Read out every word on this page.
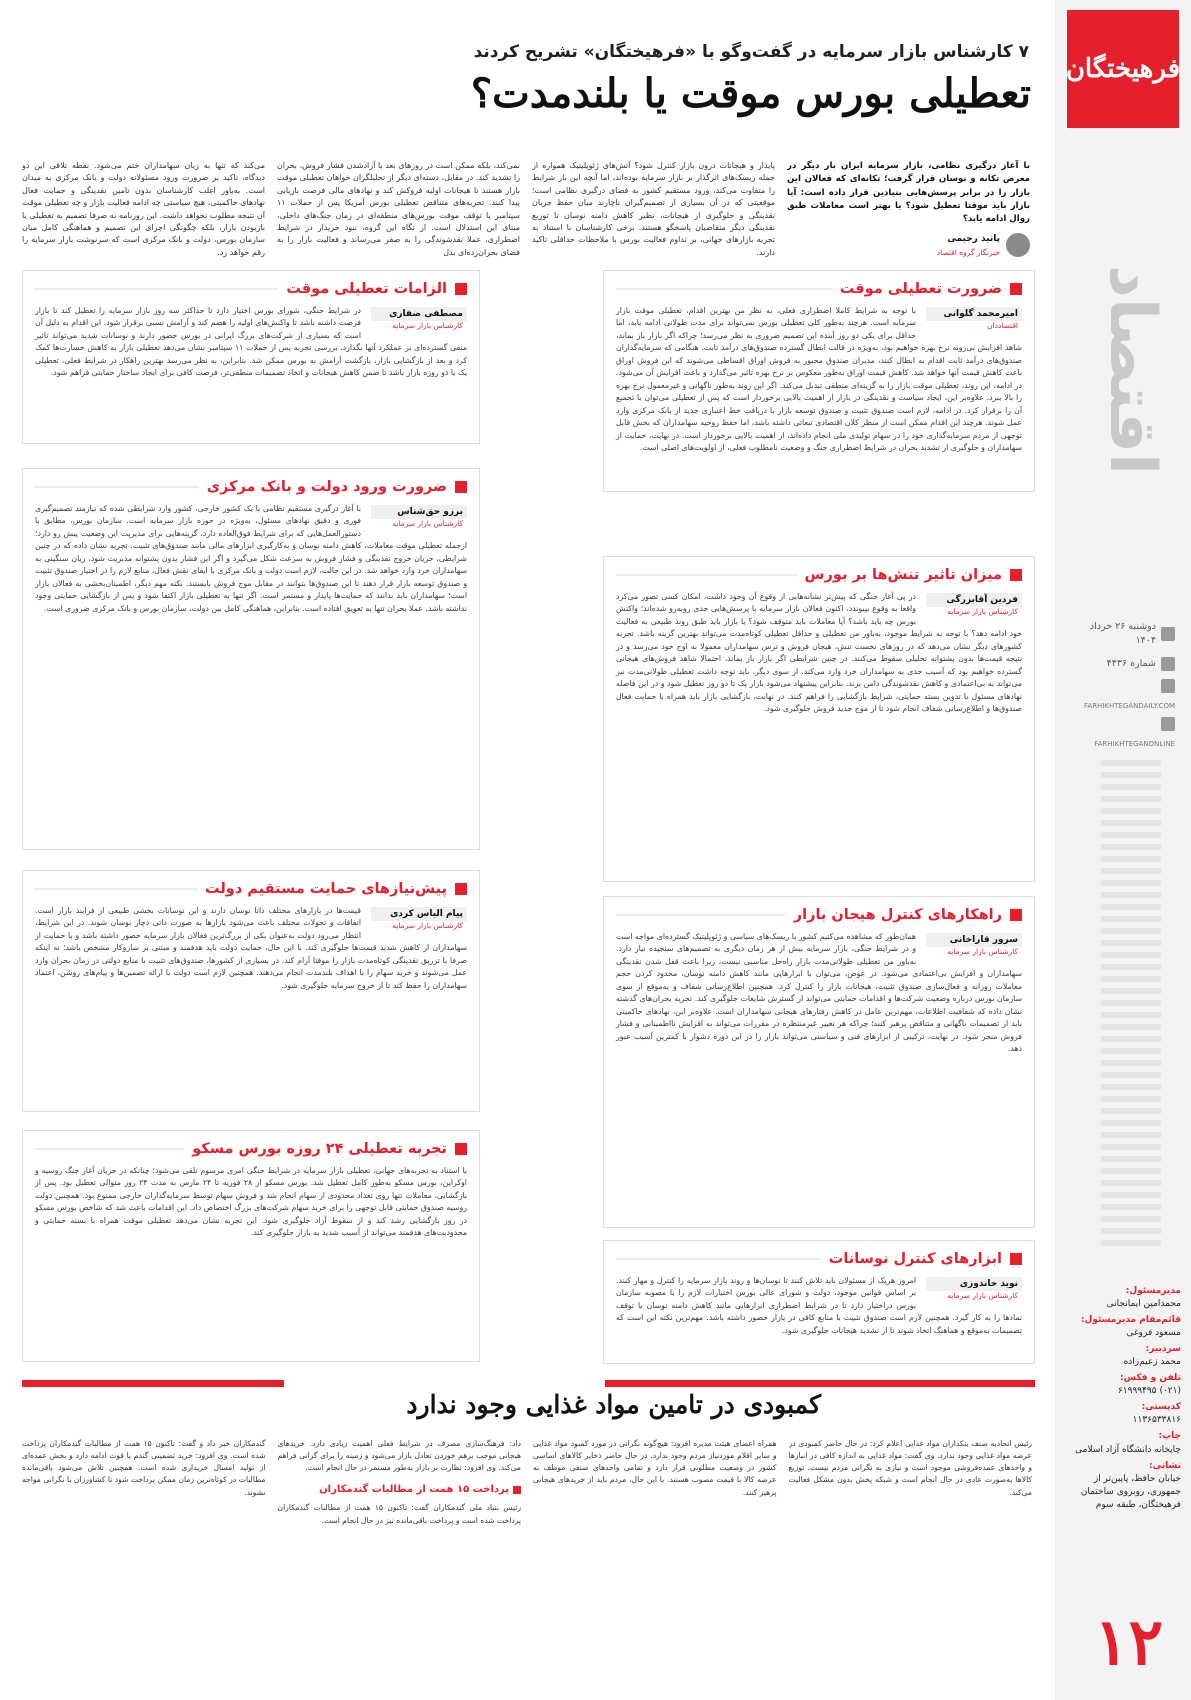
فرهیختگان
اقتصاد
دوشنبه ۲۶ خرداد ۱۴۰۴
شماره ۴۴۳۶
FARHIKHTEGANDAILY.COM
FARHIKHTEGANONLINE
مدیرمسئول:
محمدامین ایمانجانی
قائم‌مقام مدیرمسئول:
مسعود فروغی
سردبیر:
محمد زعیم‌زاده
تلفن و فکس:
(۰۲۱) ۶۱۹۹۹۴۹۵
کدپستی:
۱۱۳۶۵۳۳۸۱۶
چاپ:
چاپخانه دانشگاه آزاد اسلامی
نشانی:
خیابان حافظ، پایین‌تر از جمهوری، روبروی ساختمان فرهیختگان، طبقه سوم
۱۲
۷ کارشناس بازار سرمایه در گفت‌وگو با «فرهیختگان» تشریح کردند
تعطیلی بورس موقت یا بلندمدت؟
با آغاز درگیری نظامی، بازار سرمایه ایران بار دیگر در معرض تکانه و نوسان قرار گرفت؛ تکانه‌ای که فعالان این بازار را در برابر پرسش‌هایی بنیادین قرار داده است: آیا بازار باید موقتا تعطیل شود؟ یا بهتر است معاملات طبق روال ادامه یابد؟
پانیذ رحیمی
خبرنگار گروه اقتصاد
پایدار و هیجانات درون بازار کنترل شود؟ آتش‌های ژئوپلیتیک همواره از جمله ریسک‌های اثرگذار بر بازار سرمایه بوده‌اند، اما آنچه این بار شرایط را متفاوت می‌کند، ورود مستقیم کشور به فضای درگیری نظامی است؛ موقعیتی که در آن بسیاری از تصمیم‌گیران ناچارند میان حفظ جریان نقدینگی و جلوگیری از هیجانات، نظیر کاهش دامنه نوسان تا توزیع نقدینگی دیگر متقاضیان پاسخگو هستند. برخی کارشناسان با استناد به تجربه بازارهای جهانی، بر تداوم فعالیت بورس با ملاحظات حداقلی تاکید دارند.
نمی‌کند، بلکه ممکن است در روزهای بعد با آزادشدن فشار فروش، بحران را تشدید کند. در مقابل، دسته‌ای دیگر از تحلیلگران خواهان تعطیلی موقت بازار هستند تا هیجانات اولیه فروکش کند و نهادهای مالی فرصت بازیابی پیدا کنند. تجربه‌های متناقض تعطیلی بورس آمریکا پس از حملات ۱۱ سپتامبر یا توقف موقت بورس‌های منطقه‌ای در زمان جنگ‌های داخلی، مبنای این استدلال است. از نگاه این گروه، نبود خریدار در شرایط اضطراری، عملا نقدشوندگی را به صفر می‌رساند و فعالیت بازار را به فضای بحران‌زده‌ای بدل
می‌کند که تنها به زیان سهامداران ختم می‌شود. نقطه تلاقی این دو دیدگاه، تاکید بر ضرورت ورود مسئولانه دولت و بانک مرکزی به میدان است. به‌باور اغلب کارشناسان بدون تامین نقدینگی و حمایت فعال نهادهای حاکمیتی، هیچ سیاستی چه ادامه فعالیت بازار و چه تعطیلی موقت آن نتیجه مطلوب نخواهد داشت. این روزنامه نه صرفا تصمیم به تعطیلی یا بازبودن بازار، بلکه چگونگی اجرای این تصمیم و هماهنگی کامل میان سازمان بورس، دولت و بانک مرکزی است که سرنوشت بازار سرمایه را رقم خواهد زد.
ضرورت تعطیلی موقت
امیرمحمد گلوانی
اقتصاددان
با توجه به شرایط کاملا اضطراری فعلی، به نظر من بهترین اقدام، تعطیلی موقت بازار سرمایه است. هرچند به‌طور کلی تعطیلی بورس نمی‌تواند برای مدت طولانی ادامه یابد، اما حداقل برای یکی دو روز آینده این تصمیم ضروری به نظر می‌رسد؛ چراکه اگر بازار باز بماند، شاهد افزایش بی‌رویه نرخ بهره خواهیم بود، به‌ویژه در قالب ابطال گسترده صندوق‌های درآمد ثابت. هنگامی که سرمایه‌گذاران صندوق‌های درآمد ثابت اقدام به ابطال کنند، مدیران صندوق مجبور به فروش اوراق اقساطی می‌شوند که این فروش اوراق باعث کاهش قیمت آنها خواهد شد. کاهش قیمت اوراق به‌طور معکوس بر نرخ بهره تاثیر می‌گذارد و باعث افزایش آن می‌شود. در ادامه، این روند، تعطیلی موقت بازار را به گزینه‌ای منطقی تبدیل می‌کند. اگر این روند به‌طور ناگهانی و غیرمعمول نرخ بهره را بالا ببرد، علاوه‌بر این، ایجاد سیاست و نقدینگی در بازار از اهمیت بالایی برخوردار است که پس از تعطیلی می‌توان با تجمیع آن را برقرار کرد. در ادامه، لازم است صندوق تثبیت و صندوق توسعه بازار با دریافت خط اعتباری جدید از بانک مرکزی وارد عمل شوند. هرچند این اقدام ممکن است از منظر کلان اقتصادی تبعاتی داشته باشد، اما حفظ روحیه سهامداران که بخش قابل توجهی از مردم سرمایه‌گذاری خود را در سهام تولیدی ملی انجام داده‌اند، از اهمیت بالایی برخوردار است. در نهایت، حمایت از سهامداران و جلوگیری از تشدید بحران در شرایط اضطراری جنگ و وضعیت نامطلوب فعلی، از اولویت‌های اصلی است.
الزامات تعطیلی موقت
مصطفی صفاری
کارشناس بازار سرمایه
در شرایط جنگی، شورای بورس اختیار دارد تا حداکثر سه روز بازار سرمایه را تعطیل کند تا بازار فرصت داشته باشد تا واکنش‌های اولیه را هضم کند و آرامش نسبی برقرار شود. این اقدام به دلیل آن است که بسیاری از شرکت‌های بزرگ ایرانی در بورس حضور دارند و نوسانات شدید می‌تواند تاثیر منفی گسترده‌ای بر عملکرد آنها بگذارد. بررسی تجربه پس از حملات ۱۱ سپتامبر نشان می‌دهد تعطیلی بازار به کاهش خسارت‌ها کمک کرد و بعد از بازگشایی بازار، بازگشت آرامش به بورس ممکن شد. بنابراین، به نظر می‌رسد بهترین راهکار در شرایط فعلی، تعطیلی یک یا دو روزه بازار باشد تا ضمن کاهش هیجانات و اتخاذ تصمیمات منطقی‌تر، فرصت کافی برای ایجاد ساختار حمایتی فراهم شود.
ضرورت ورود دولت و بانک مرکزی
برزو حق‌شناس
کارشناس بازار سرمایه
با آغاز درگیری مستقیم نظامی با یک کشور خارجی، کشور وارد شرایطی شده که نیازمند تصمیم‌گیری فوری و دقیق نهادهای مسئول، به‌ویژه در حوزه بازار سرمایه است. سازمان بورس، مطابق با دستورالعمل‌هایی که برای شرایط فوق‌العاده دارد، گزینه‌هایی برای مدیریت این وضعیت پیش رو دارد؛ ازجمله تعطیلی موقت معاملات، کاهش دامنه نوسان و به‌کارگیری ابزارهای مالی مانند صندوق‌های تثبیت. تجربه نشان داده که در چنین شرایطی، جریان خروج نقدینگی و فشار فروش به سرعت شکل می‌گیرد و اگر این فشار بدون پشتوانه مدیریت شود، زیان سنگینی به سهامداران خرد وارد خواهد شد. در این حالت، لازم است دولت و بانک مرکزی با ایفای نقش فعال، منابع لازم را در اختیار صندوق تثبیت و صندوق توسعه بازار قرار دهند تا این صندوق‌ها بتوانند در مقابل موج فروش بایستند. نکته مهم دیگر، اطمینان‌بخشی به فعالان بازار است؛ سهامداران باید بدانند که حمایت‌ها پایدار و مستمر است. اگر تنها به تعطیلی بازار اکتفا شود و پس از بازگشایی حمایتی وجود نداشته باشد، عملا بحران تنها به تعویق افتاده است. بنابراین، هماهنگی کامل بین دولت، سازمان بورس و بانک مرکزی ضروری است.
میزان تاثیر تنش‌ها بر بورس
فردین آقابزرگی
کارشناس بازار سرمایه
در پی آغاز جنگی که پیش‌تر نشانه‌هایی از وقوع آن وجود داشت، امکان کسی تصور می‌کرد واقعا به وقوع بپیوندد، اکنون فعالان بازار سرمایه با پرسش‌هایی جدی روبه‌رو شده‌اند؛ واکنش بورس چه باید باشد؟ آیا معاملات باید متوقف شود؟ یا بازار باید طبق روند طبیعی به فعالیت خود ادامه دهد؟ با توجه به شرایط موجود، به‌باور من تعطیلی و حداقل تعطیلی کوتاه‌مدت می‌تواند بهترین گزینه باشد. تجربه کشورهای دیگر نشان می‌دهد که در روزهای نخست تنش، هیجان فروش و ترس سهامداران معمولا به اوج خود می‌رسد و در نتیجه قیمت‌ها بدون پشتوانه تحلیلی سقوط می‌کنند. در چنین شرایطی اگر بازار باز بماند، احتمالا شاهد فروش‌های هیجانی گسترده خواهیم بود که آسیب جدی به سهامداران خرد وارد می‌کند. از سوی دیگر، باید توجه داشت تعطیلی طولانی‌مدت نیز می‌تواند به بی‌اعتمادی و کاهش نقدشوندگی دامن بزند. بنابراین پیشنهاد می‌شود بازار یک تا دو روز تعطیل شود و در این فاصله نهادهای مسئول با تدوین بسته حمایتی، شرایط بازگشایی را فراهم کنند. در نهایت، بازگشایی بازار باید همراه با حمایت فعال صندوق‌ها و اطلاع‌رسانی شفاف انجام شود تا از موج جدید فروش جلوگیری شود.
پیش‌نیازهای حمایت مستقیم دولت
پیام الیاس کردی
کارشناس بازار سرمایه
قیمت‌ها در بازارهای مختلف ذاتا نوسان دارند و این نوسانات بخشی طبیعی از فرایند بازار است. اتفاقات و تحولات مختلف باعث می‌شود بازارها به صورت ذاتی دچار نوسان شوند. در این شرایط، انتظار می‌رود دولت به‌عنوان یکی از بزرگ‌ترین فعالان بازار سرمایه حضور داشته باشد و با حمایت از سهامداران از کاهش شدید قیمت‌ها جلوگیری کند. با این حال، حمایت دولت باید هدفمند و مبتنی بر سازوکار مشخص باشد؛ نه اینکه صرفا با تزریق نقدینگی کوتاه‌مدت بازار را موقتا آرام کند. در بسیاری از کشورها، صندوق‌های تثبیت با منابع دولتی در زمان بحران وارد عمل می‌شوند و خرید سهام را با اهداف بلندمدت انجام می‌دهند. همچنین لازم است دولت با ارائه تضمین‌ها و پیام‌های روشن، اعتماد سهامداران را حفظ کند تا از خروج سرمایه جلوگیری شود.
راهکارهای کنترل هیجان بازار
سرور قاراخانی
کارشناس بازار سرمایه
همان‌طور که مشاهده می‌کنیم کشور با ریسک‌های سیاسی و ژئوپلیتیک گسترده‌ای مواجه است و در شرایط جنگی، بازار سرمایه بیش از هر زمان دیگری به تصمیم‌های سنجیده نیاز دارد. به‌باور من تعطیلی طولانی‌مدت بازار راه‌حل مناسبی نیست، زیرا باعث قفل شدن نقدینگی سهامداران و افزایش بی‌اعتمادی می‌شود. در عوض، می‌توان با ابزارهایی مانند کاهش دامنه نوسان، محدود کردن حجم معاملات روزانه و فعال‌سازی صندوق تثبیت، هیجانات بازار را کنترل کرد. همچنین اطلاع‌رسانی شفاف و به‌موقع از سوی سازمان بورس درباره وضعیت شرکت‌ها و اقدامات حمایتی می‌تواند از گسترش شایعات جلوگیری کند. تجربه بحران‌های گذشته نشان داده که شفافیت اطلاعات، مهم‌ترین عامل در کاهش رفتارهای هیجانی سهامداران است. علاوه‌بر این، نهادهای حاکمیتی باید از تصمیمات ناگهانی و متناقض پرهیز کنند؛ چراکه هر تغییر غیرمنتظره در مقررات می‌تواند به افزایش نااطمینانی و فشار فروش منجر شود. در نهایت، ترکیبی از ابزارهای فنی و سیاستی می‌تواند بازار را در این دوره دشوار با کمترین آسیب عبور دهد.
تجربه تعطیلی ۲۴ روزه بورس مسکو
با استناد به تجربه‌های جهانی، تعطیلی بازار سرمایه در شرایط جنگی امری مرسوم تلقی می‌شود؛ چنانکه در جریان آغاز جنگ روسیه و اوکراین، بورس مسکو به‌طور کامل تعطیل شد. بورس مسکو از ۲۸ فوریه تا ۲۴ مارس به مدت ۲۴ روز متوالی تعطیل بود. پس از بازگشایی، معاملات تنها روی تعداد محدودی از سهام انجام شد و فروش سهام توسط سرمایه‌گذاران خارجی ممنوع بود. همچنین دولت روسیه صندوق حمایتی قابل توجهی را برای خرید سهام شرکت‌های بزرگ اختصاص داد. این اقدامات باعث شد که شاخص بورس مسکو در روز بازگشایی رشد کند و از سقوط آزاد جلوگیری شود. این تجربه نشان می‌دهد تعطیلی موقت همراه با بسته حمایتی و محدودیت‌های هدفمند می‌تواند از آسیب شدید به بازار جلوگیری کند.
ابزارهای کنترل نوسانات
نوید خاندوزی
کارشناس بازار سرمایه
امروز هریک از مسئولان باید تلاش کنند تا نوسان‌ها و روند بازار سرمایه را کنترل و مهار کنند. بر اساس قوانین موجود، دولت و شورای عالی بورس اختیارات لازم را با مصوبه سازمان بورس دراختیار دارد تا در شرایط اضطراری ابزارهایی مانند کاهش دامنه نوسان یا توقف نمادها را به کار گیرد. همچنین لازم است صندوق تثبیت با منابع کافی در بازار حضور داشته باشد. مهم‌ترین نکته این است که تصمیمات به‌موقع و هماهنگ اتخاذ شوند تا از تشدید هیجانات جلوگیری شود.
کمبودی در تامین مواد غذایی وجود ندارد
رئیس اتحادیه صنف بنکداران مواد غذایی اعلام کرد: در حال حاضر کمبودی در عرضه مواد غذایی وجود ندارد. وی گفت: مواد غذایی به اندازه کافی در انبارها و واحدهای عمده‌فروشی موجود است و نیازی به نگرانی مردم نیست. توزیع کالاها به‌صورت عادی در حال انجام است و شبکه پخش بدون مشکل فعالیت می‌کند.
همراه اعضای هیئت مدیره افزود: هیچ‌گونه نگرانی در مورد کمبود مواد غذایی و سایر اقلام موردنیاز مردم وجود ندارد. در حال حاضر ذخایر کالاهای اساسی کشور در وضعیت مطلوبی قرار دارد و تمامی واحدهای صنفی موظف به عرضه کالا با قیمت مصوب هستند. با این حال، مردم باید از خریدهای هیجانی پرهیز کنند.
داد: فرهنگ‌سازی مصرف در شرایط فعلی اهمیت زیادی دارد. خریدهای هیجانی موجب برهم خوردن تعادل بازار می‌شود و زمینه را برای گرانی فراهم می‌کند. وی افزود: نظارت بر بازار به‌طور مستمر در حال انجام است.
پرداخت ۱۵ همت از مطالبات گندمکاران
رئیس بنیاد ملی گندمکاران گفت: تاکنون ۱۵ همت از مطالبات گندمکاران پرداخت شده است و پرداخت باقی‌مانده نیز در حال انجام است.
گندمکاران خبر داد و گفت: تاکنون ۱۵ همت از مطالبات گندمکاران پرداخت شده است. وی افزود: خرید تضمینی گندم با قوت ادامه دارد و بخش عمده‌ای از تولید امسال خریداری شده است. همچنین تلاش می‌شود باقی‌مانده مطالبات در کوتاه‌ترین زمان ممکن پرداخت شود تا کشاورزان با نگرانی مواجه نشوند.
